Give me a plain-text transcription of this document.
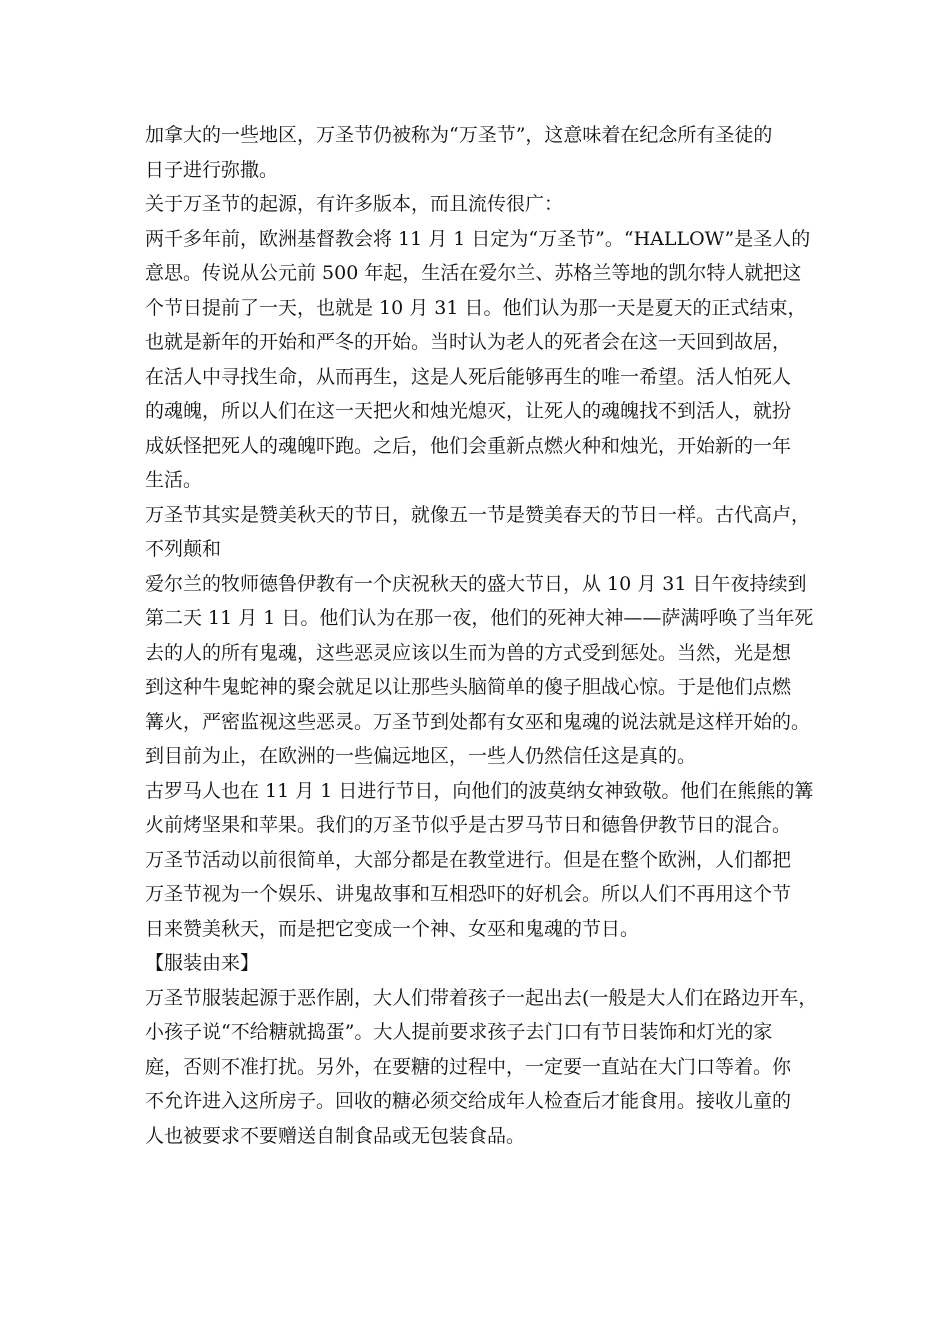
加拿大的一些地区，万圣节仍被称为“万圣节”，这意味着在纪念所有圣徒的
日子进行弥撒。
关于万圣节的起源，有许多版本，而且流传很广：
两千多年前，欧洲基督教会将 11 月 1 日定为“万圣节”。“HALLOW”是圣人的
意思。传说从公元前 500 年起，生活在爱尔兰、苏格兰等地的凯尔特人就把这
个节日提前了一天，也就是 10 月 31 日。他们认为那一天是夏天的正式结束，
也就是新年的开始和严冬的开始。当时认为老人的死者会在这一天回到故居，
在活人中寻找生命，从而再生，这是人死后能够再生的唯一希望。活人怕死人
的魂魄，所以人们在这一天把火和烛光熄灭，让死人的魂魄找不到活人，就扮
成妖怪把死人的魂魄吓跑。之后，他们会重新点燃火种和烛光，开始新的一年
生活。
万圣节其实是赞美秋天的节日，就像五一节是赞美春天的节日一样。古代高卢，
不列颠和
爱尔兰的牧师德鲁伊教有一个庆祝秋天的盛大节日，从 10 月 31 日午夜持续到
第二天 11 月 1 日。他们认为在那一夜，他们的死神大神——萨满呼唤了当年死
去的人的所有鬼魂，这些恶灵应该以生而为兽的方式受到惩处。当然，光是想
到这种牛鬼蛇神的聚会就足以让那些头脑简单的傻子胆战心惊。于是他们点燃
篝火，严密监视这些恶灵。万圣节到处都有女巫和鬼魂的说法就是这样开始的。
到目前为止，在欧洲的一些偏远地区，一些人仍然信任这是真的。
古罗马人也在 11 月 1 日进行节日，向他们的波莫纳女神致敬。他们在熊熊的篝
火前烤坚果和苹果。我们的万圣节似乎是古罗马节日和德鲁伊教节日的混合。
万圣节活动以前很简单，大部分都是在教堂进行。但是在整个欧洲，人们都把
万圣节视为一个娱乐、讲鬼故事和互相恐吓的好机会。所以人们不再用这个节
日来赞美秋天，而是把它变成一个神、女巫和鬼魂的节日。
【服装由来】
万圣节服装起源于恶作剧，大人们带着孩子一起出去(一般是大人们在路边开车，
小孩子说“不给糖就捣蛋”。大人提前要求孩子去门口有节日装饰和灯光的家
庭，否则不准打扰。另外，在要糖的过程中，一定要一直站在大门口等着。你
不允许进入这所房子。回收的糖必须交给成年人检查后才能食用。接收儿童的
人也被要求不要赠送自制食品或无包装食品。
